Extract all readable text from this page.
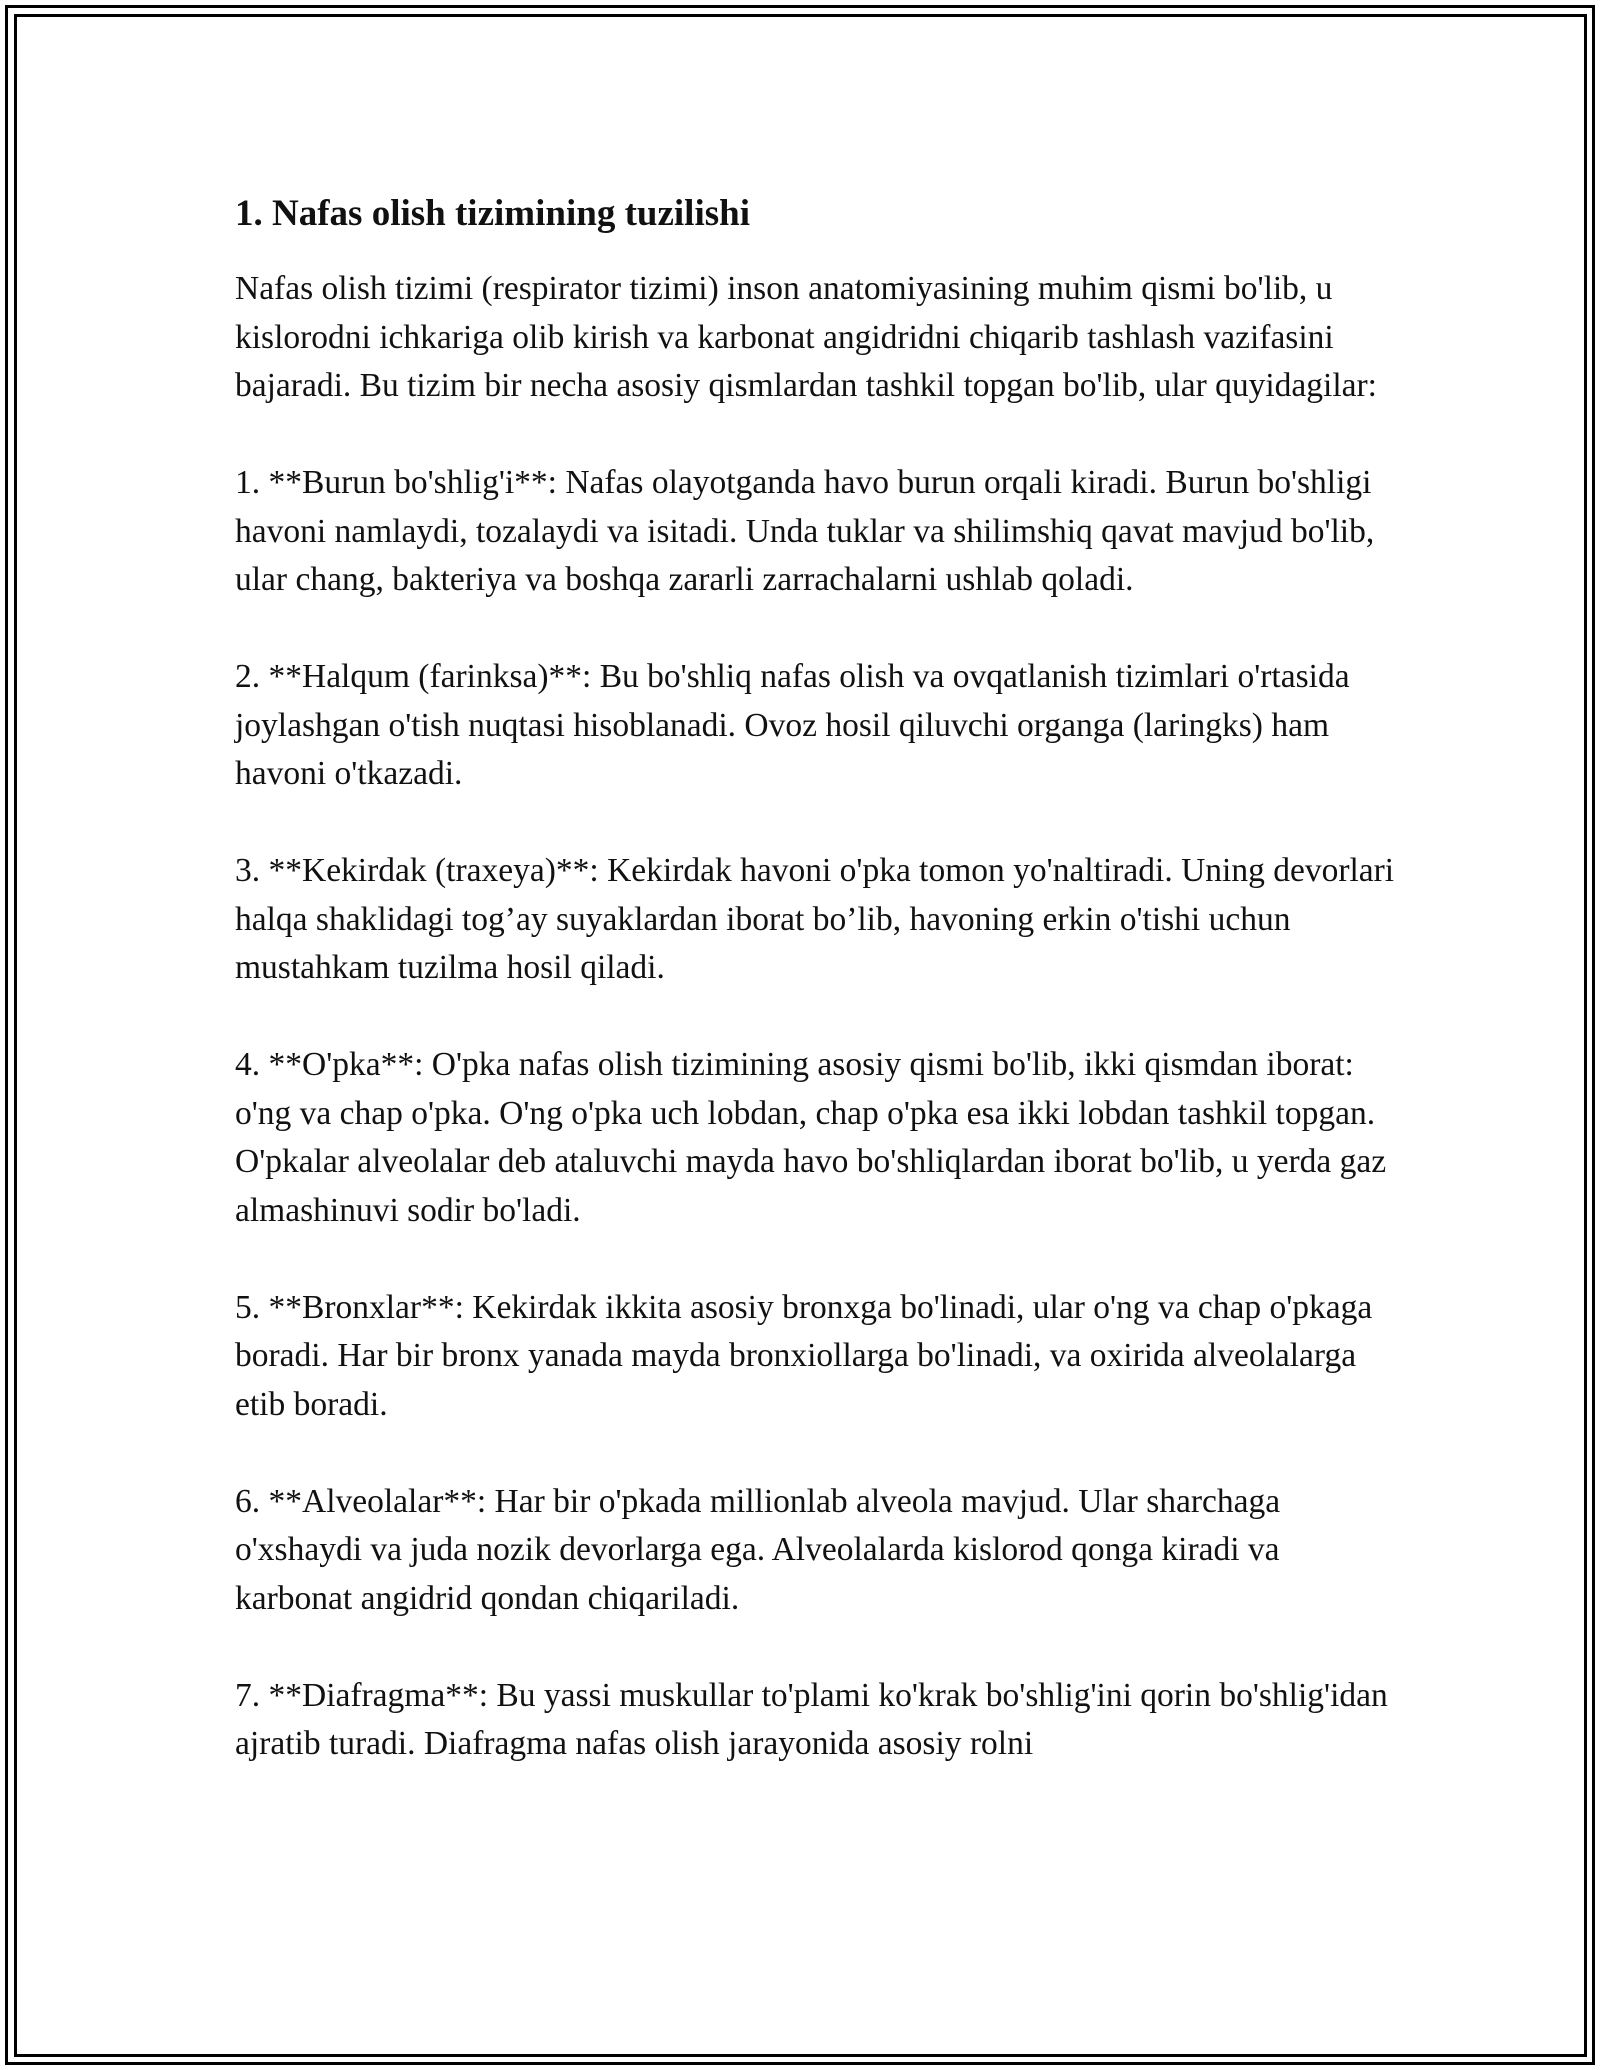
1. Nafas olish tizimining tuzilishi

Nafas olish tizimi (respirator tizimi) inson anatomiyasining muhim qismi bo'lib, u kislorodni ichkariga olib kirish va karbonat angidridni chiqarib tashlash vazifasini bajaradi. Bu tizim bir necha asosiy qismlardan tashkil topgan bo'lib, ular quyidagilar:

1. **Burun bo'shlig'i**: Nafas olayotganda havo burun orqali kiradi. Burun bo'shligi havoni namlaydi, tozalaydi va isitadi. Unda tuklar va shilimshiq qavat mavjud bo'lib, ular chang, bakteriya va boshqa zararli zarrachalarni ushlab qoladi.

2. **Halqum (farinksa)**: Bu bo'shliq nafas olish va ovqatlanish tizimlari o'rtasida joylashgan o'tish nuqtasi hisoblanadi. Ovoz hosil qiluvchi organga (laringks) ham havoni o'tkazadi.

3. **Kekirdak (traxeya)**: Kekirdak havoni o'pka tomon yo'naltiradi. Uning devorlari halqa shaklidagi tog’ay suyaklardan iborat bo’lib, havoning erkin o'tishi uchun mustahkam tuzilma hosil qiladi.

4. **O'pka**: O'pka nafas olish tizimining asosiy qismi bo'lib, ikki qismdan iborat: o'ng va chap o'pka. O'ng o'pka uch lobdan, chap o'pka esa ikki lobdan tashkil topgan. O'pkalar alveolalar deb ataluvchi mayda havo bo'shliqlardan iborat bo'lib, u yerda gaz almashinuvi sodir bo'ladi.

5. **Bronxlar**: Kekirdak ikkita asosiy bronxga bo'linadi, ular o'ng va chap o'pkaga boradi. Har bir bronx yanada mayda bronxiollarga bo'linadi, va oxirida alveolalarga etib boradi.

6. **Alveolalar**: Har bir o'pkada millionlab alveola mavjud. Ular sharchaga o'xshaydi va juda nozik devorlarga ega. Alveolalarda kislorod qonga kiradi va karbonat angidrid qondan chiqariladi.

7. **Diafragma**: Bu yassi muskullar to'plami ko'krak bo'shlig'ini qorin bo'shlig'idan ajratib turadi. Diafragma nafas olish jarayonida asosiy rolni
